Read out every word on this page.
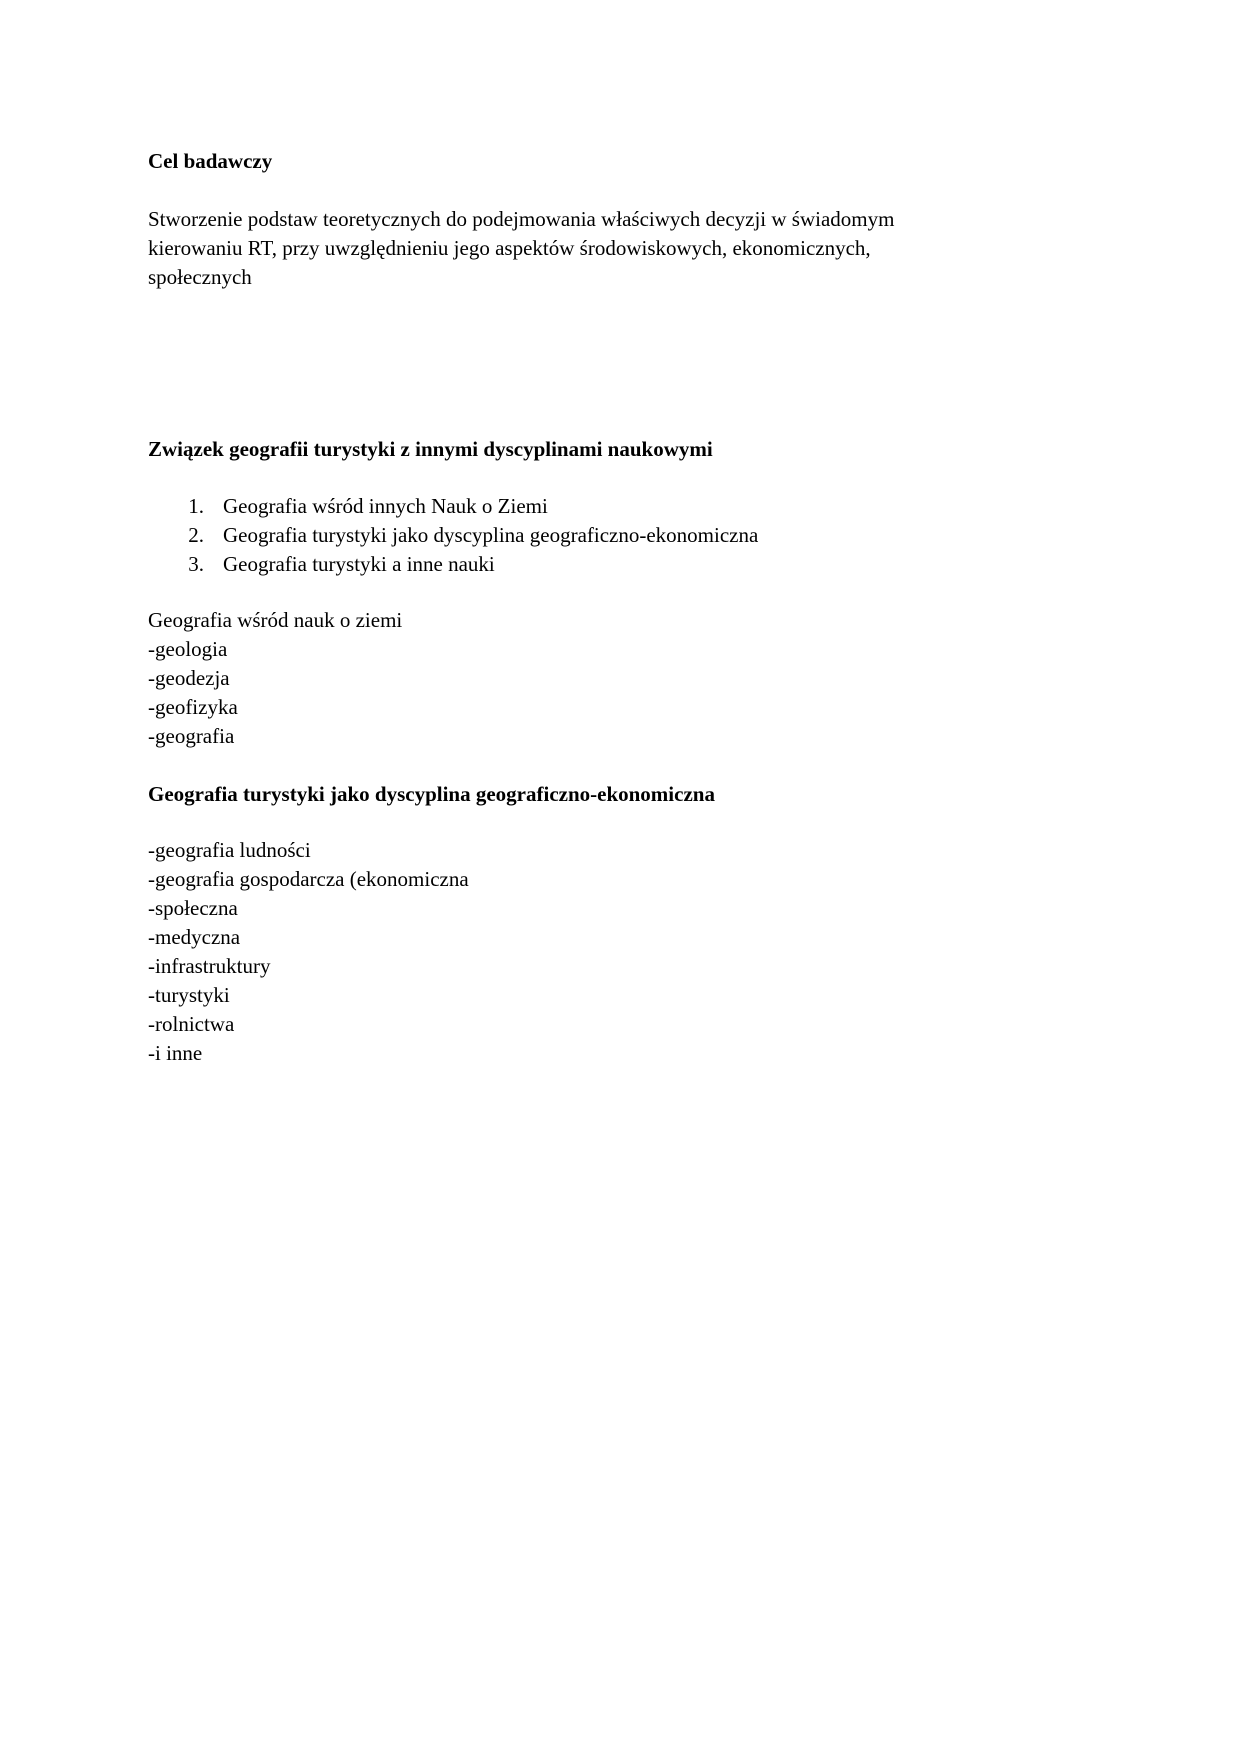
Cel badawczy
Stworzenie podstaw teoretycznych do podejmowania właściwych decyzji w świadomym
kierowaniu RT, przy uwzględnieniu jego aspektów środowiskowych, ekonomicznych,
społecznych
Związek geografii turystyki z innymi dyscyplinami naukowymi
1. Geografia wśród innych Nauk o Ziemi
2. Geografia turystyki jako dyscyplina geograficzno-ekonomiczna
3. Geografia turystyki a inne nauki
Geografia wśród nauk o ziemi
-geologia
-geodezja
-geofizyka
-geografia
Geografia turystyki jako dyscyplina geograficzno-ekonomiczna
-geografia ludności
-geografia gospodarcza (ekonomiczna
-społeczna
-medyczna
-infrastruktury
-turystyki
-rolnictwa
-i inne
